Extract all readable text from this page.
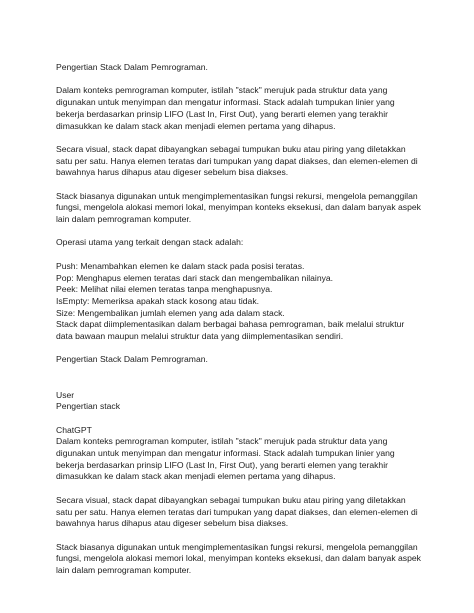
Pengertian Stack Dalam Pemrograman.

Dalam konteks pemrograman komputer, istilah "stack" merujuk pada struktur data yang

digunakan untuk menyimpan dan mengatur informasi. Stack adalah tumpukan linier yang

bekerja berdasarkan prinsip LIFO (Last In, First Out), yang berarti elemen yang terakhir

dimasukkan ke dalam stack akan menjadi elemen pertama yang dihapus.

Secara visual, stack dapat dibayangkan sebagai tumpukan buku atau piring yang diletakkan

satu per satu. Hanya elemen teratas dari tumpukan yang dapat diakses, dan elemen-elemen di

bawahnya harus dihapus atau digeser sebelum bisa diakses.

Stack biasanya digunakan untuk mengimplementasikan fungsi rekursi, mengelola pemanggilan

fungsi, mengelola alokasi memori lokal, menyimpan konteks eksekusi, dan dalam banyak aspek

lain dalam pemrograman komputer.

Operasi utama yang terkait dengan stack adalah:

Push: Menambahkan elemen ke dalam stack pada posisi teratas.

Pop: Menghapus elemen teratas dari stack dan mengembalikan nilainya.

Peek: Melihat nilai elemen teratas tanpa menghapusnya.

IsEmpty: Memeriksa apakah stack kosong atau tidak.

Size: Mengembalikan jumlah elemen yang ada dalam stack.

Stack dapat diimplementasikan dalam berbagai bahasa pemrograman, baik melalui struktur

data bawaan maupun melalui struktur data yang diimplementasikan sendiri.

Pengertian Stack Dalam Pemrograman.

User

Pengertian stack

ChatGPT

Dalam konteks pemrograman komputer, istilah "stack" merujuk pada struktur data yang

digunakan untuk menyimpan dan mengatur informasi. Stack adalah tumpukan linier yang

bekerja berdasarkan prinsip LIFO (Last In, First Out), yang berarti elemen yang terakhir

dimasukkan ke dalam stack akan menjadi elemen pertama yang dihapus.

Secara visual, stack dapat dibayangkan sebagai tumpukan buku atau piring yang diletakkan

satu per satu. Hanya elemen teratas dari tumpukan yang dapat diakses, dan elemen-elemen di

bawahnya harus dihapus atau digeser sebelum bisa diakses.

Stack biasanya digunakan untuk mengimplementasikan fungsi rekursi, mengelola pemanggilan

fungsi, mengelola alokasi memori lokal, menyimpan konteks eksekusi, dan dalam banyak aspek

lain dalam pemrograman komputer.
